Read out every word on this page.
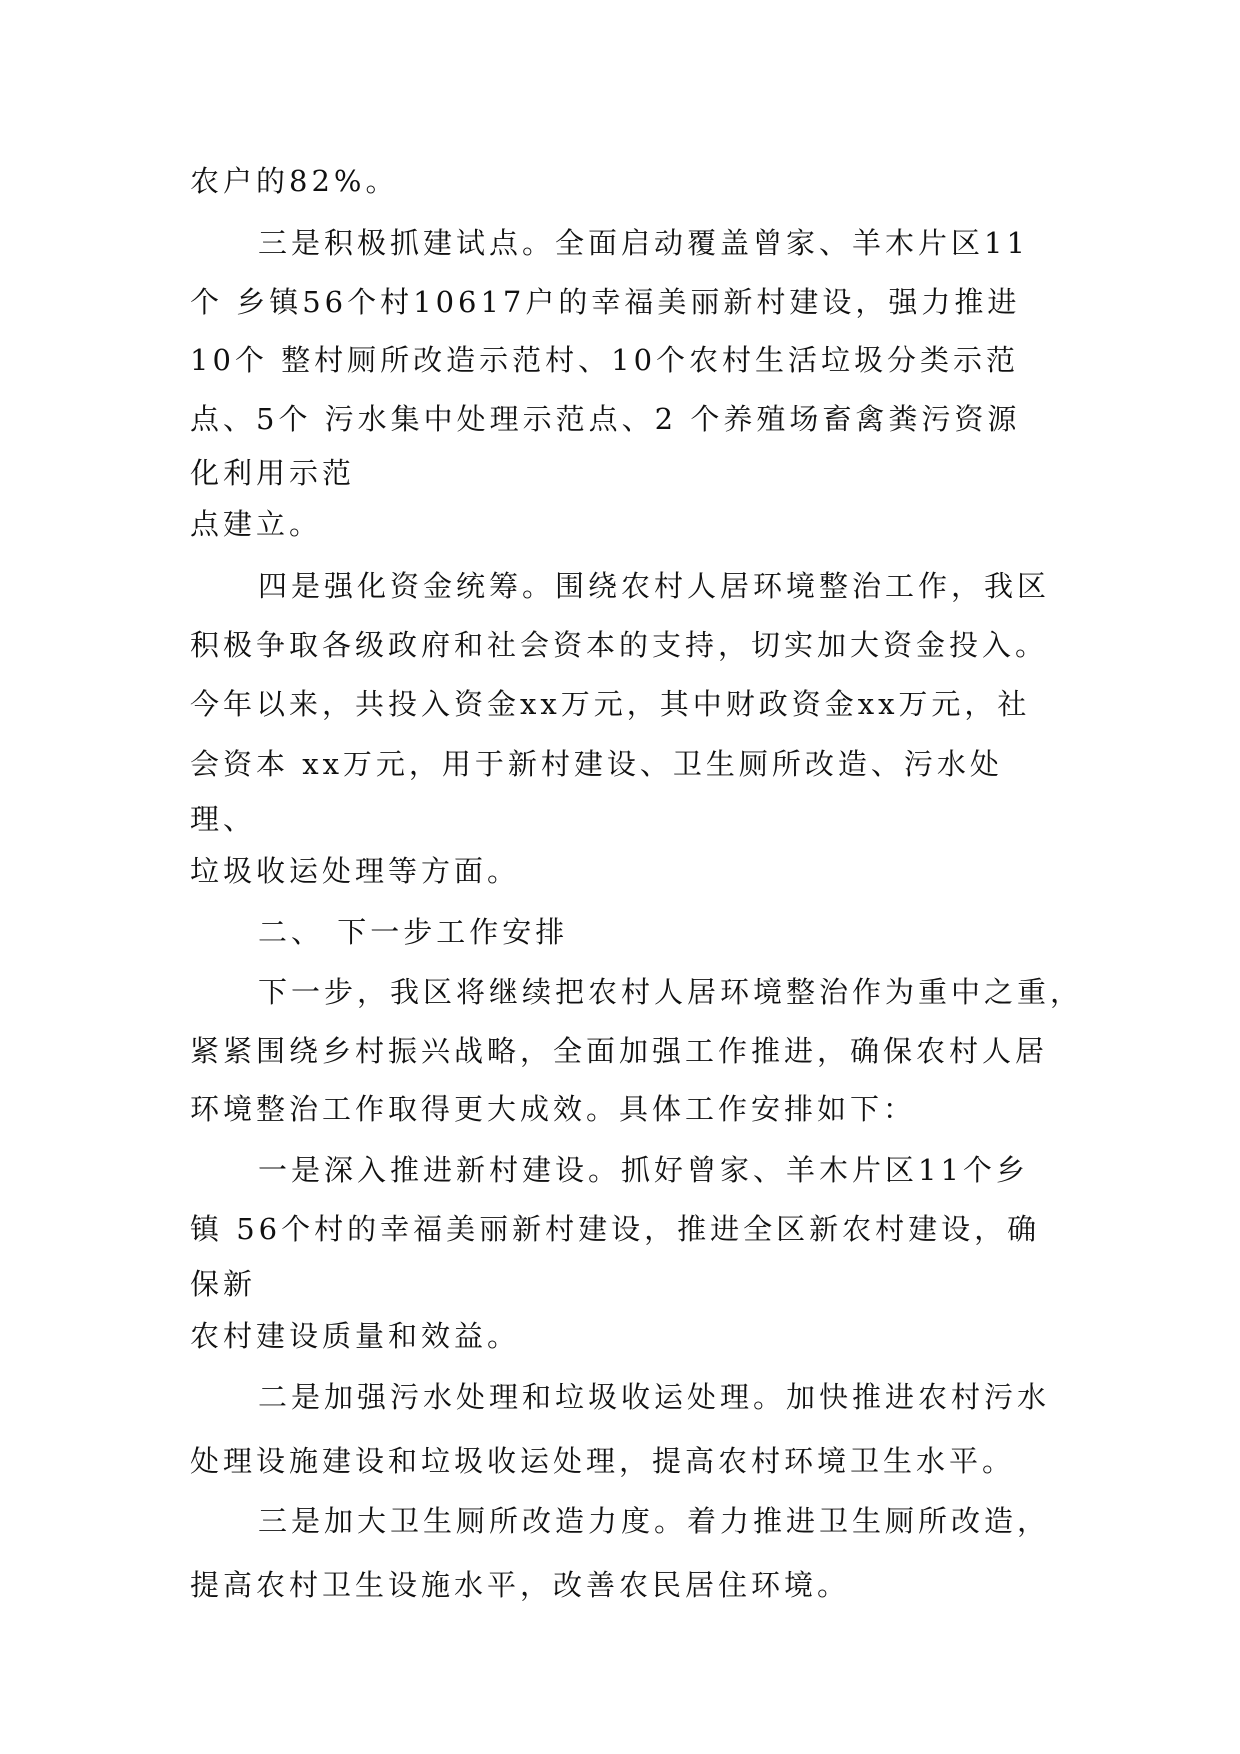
农户的82%。
三是积极抓建试点。全面启动覆盖曾家、羊木片区11
个 乡镇56个村10617户的幸福美丽新村建设，强力推进
10个 整村厕所改造示范村、10个农村生活垃圾分类示范
点、5个 污水集中处理示范点、2 个养殖场畜禽粪污资源
化利用示范
点建立。
四是强化资金统筹。围绕农村人居环境整治工作，我区
积极争取各级政府和社会资本的支持，切实加大资金投入。
今年以来，共投入资金xx万元，其中财政资金xx万元，社
会资本 xx万元，用于新村建设、卫生厕所改造、污水处
理、
垃圾收运处理等方面。
二、 下一步工作安排
下一步，我区将继续把农村人居环境整治作为重中之重，
紧紧围绕乡村振兴战略，全面加强工作推进，确保农村人居
环境整治工作取得更大成效。具体工作安排如下：
一是深入推进新村建设。抓好曾家、羊木片区11个乡
镇 56个村的幸福美丽新村建设，推进全区新农村建设，确
保新
农村建设质量和效益。
二是加强污水处理和垃圾收运处理。加快推进农村污水
处理设施建设和垃圾收运处理，提高农村环境卫生水平。
三是加大卫生厕所改造力度。着力推进卫生厕所改造，
提高农村卫生设施水平，改善农民居住环境。
